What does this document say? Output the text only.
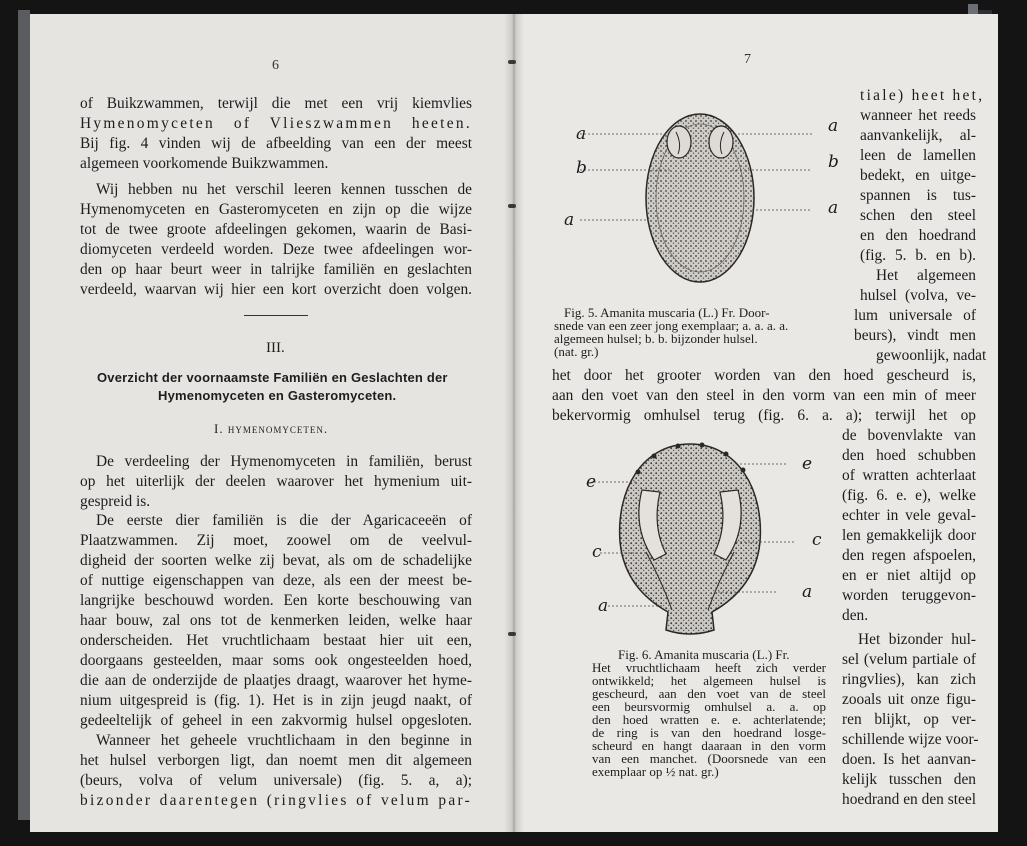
6
of Buikzwammen, terwijl die met een vrij kiemvlies
Hymenomyceten of Vlieszwammen heeten.
Bij fig. 4 vinden wij de afbeelding van een der meest
algemeen voorkomende Buikzwammen.
Wij hebben nu het verschil leeren kennen tusschen de
Hymenomyceten en Gasteromyceten en zijn op die wijze
tot de twee groote afdeelingen gekomen, waarin de Basi-
diomyceten verdeeld worden. Deze twee afdeelingen wor-
den op haar beurt weer in talrijke familiën en geslachten
verdeeld, waarvan wij hier een kort overzicht doen volgen.
III.
Overzicht der voornaamste Familiën en Geslachten der
Hymenomyceten en Gasteromyceten.
I. hymenomyceten.
De verdeeling der Hymenomyceten in familiën, berust
op het uiterlijk der deelen waarover het hymenium uit-
gespreid is.
De eerste dier familiën is die der Agaricaceeën of
Plaatzwammen. Zij moet, zoowel om de veelvul-
digheid der soorten welke zij bevat, als om de schadelijke
of nuttige eigenschappen van deze, als een der meest be-
langrijke beschouwd worden. Een korte beschouwing van
haar bouw, zal ons tot de kenmerken leiden, welke haar
onderscheiden. Het vruchtlichaam bestaat hier uit een,
doorgaans gesteelden, maar soms ook ongesteelden hoed,
die aan de onderzijde de plaatjes draagt, waarover het hyme-
nium uitgespreid is (fig. 1). Het is in zijn jeugd naakt, of
gedeeltelijk of geheel in een zakvormig hulsel opgesloten.
Wanneer het geheele vruchtlichaam in den beginne in
het hulsel verborgen ligt, dan noemt men dit algemeen
(beurs, volva of velum universale) (fig. 5. a, a);
bizonder daarentegen (ringvlies of velum par-
7
a	a
b	b
a
a
Fig. 5. Amanita muscaria (L.) Fr. Door-
snede van een zeer jong exemplaar; a. a. a. a.
algemeen hulsel; b. b. bijzonder hulsel.
(nat. gr.)
tiale) heet het,
wanneer het reeds
aanvankelijk, al-
leen de lamellen
bedekt, en uitge-
spannen is tus-
schen den steel
en den hoedrand
(fig. 5. b. en b).
Het algemeen
hulsel (volva, ve-
lum universale of
beurs), vindt men
gewoonlijk, nadat
het door het grooter worden van den hoed gescheurd is,
aan den voet van den steel in den vorm van een min of meer
bekervormig omhulsel terug (fig. 6. a. a); terwijl het op
e
e
c
c
a
a
Fig. 6. Amanita muscaria (L.) Fr.
Het vruchtlichaam heeft zich verder
ontwikkeld; het algemeen hulsel is
gescheurd, aan den voet van de steel
een beursvormig omhulsel a. a. op
den hoed wratten e. e. achterlatende;
de ring is van den hoedrand losge-
scheurd en hangt daaraan in den vorm
van een manchet. (Doorsnede van een
exemplaar op ½ nat. gr.)
de bovenvlakte van
den hoed schubben
of wratten achterlaat
(fig. 6. e. e), welke
echter in vele geval-
len gemakkelijk door
den regen afspoelen,
en er niet altijd op
worden teruggevon-
den.
Het bizonder hul-
sel (velum partiale of
ringvlies), kan zich
zooals uit onze figu-
ren blijkt, op ver-
schillende wijze voor-
doen. Is het aanvan-
kelijk tusschen den
hoedrand en den steel
